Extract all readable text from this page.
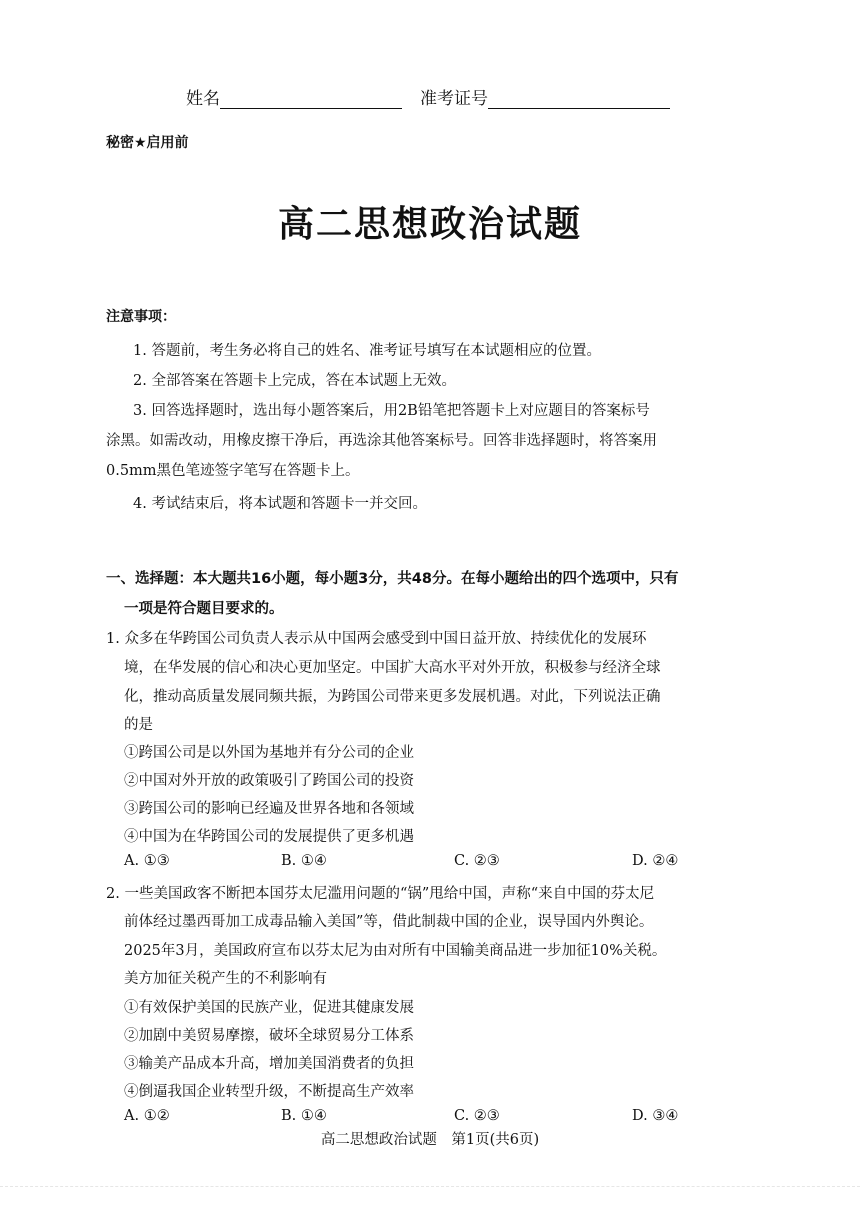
姓名	准考证号
秘密★启用前
高二思想政治试题
注意事项：
1. 答题前，考生务必将自己的姓名、准考证号填写在本试题相应的位置。
2. 全部答案在答题卡上完成，答在本试题上无效。
3. 回答选择题时，选出每小题答案后，用2B铅笔把答题卡上对应题目的答案标号
涂黑。如需改动，用橡皮擦干净后，再选涂其他答案标号。回答非选择题时，将答案用
0.5mm黑色笔迹签字笔写在答题卡上。
4. 考试结束后，将本试题和答题卡一并交回。
一、选择题：本大题共16小题，每小题3分，共48分。在每小题给出的四个选项中，只有
一项是符合题目要求的。
1. 众多在华跨国公司负责人表示从中国两会感受到中国日益开放、持续优化的发展环
境，在华发展的信心和决心更加坚定。中国扩大高水平对外开放，积极参与经济全球
化，推动高质量发展同频共振，为跨国公司带来更多发展机遇。对此，下列说法正确
的是
①跨国公司是以外国为基地并有分公司的企业
②中国对外开放的政策吸引了跨国公司的投资
③跨国公司的影响已经遍及世界各地和各领域
④中国为在华跨国公司的发展提供了更多机遇
A. ①③	B. ①④	C. ②③	D. ②④
2. 一些美国政客不断把本国芬太尼滥用问题的“锅”甩给中国，声称“来自中国的芬太尼
前体经过墨西哥加工成毒品输入美国”等，借此制裁中国的企业，误导国内外舆论。
2025年3月，美国政府宣布以芬太尼为由对所有中国输美商品进一步加征10%关税。
美方加征关税产生的不利影响有
①有效保护美国的民族产业，促进其健康发展
②加剧中美贸易摩擦，破坏全球贸易分工体系
③输美产品成本升高，增加美国消费者的负担
④倒逼我国企业转型升级，不断提高生产效率
A. ①②	B. ①④	C. ②③	D. ③④
高二思想政治试题　第1页(共6页)
